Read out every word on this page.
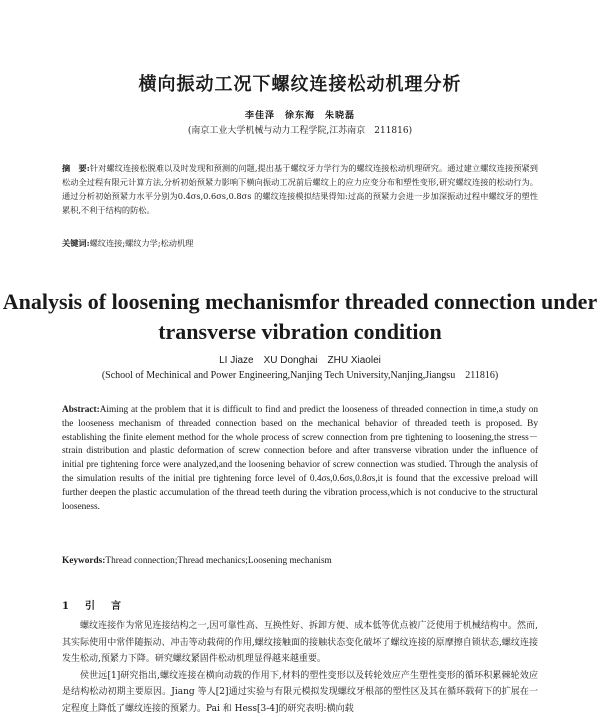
横向振动工况下螺纹连接松动机理分析
李佳泽　徐东海　朱晓磊
(南京工业大学机械与动力工程学院,江苏南京　211816)
摘　要:针对螺纹连接松脱难以及时发现和预测的问题,提出基于螺纹牙力学行为的螺纹连接松动机理研究。通过建立螺纹连接预紧到松动全过程有限元计算方法,分析初始预紧力影响下横向振动工况前后螺纹上的应力应变分布和塑性变形,研究螺纹连接的松动行为。通过分析初始预紧力水平分别为0.4σs,0.6σs,0.8σs 的螺纹连接模拟结果得知:过高的预紧力会进一步加深振动过程中螺纹牙的塑性累积,不利于结构的防松。
关键词:螺纹连接;螺纹力学;松动机理
Analysis of loosening mechanismfor threaded connection under transverse vibration condition
LI Jiaze　XU Donghai　ZHU Xiaolei
(School of Mechinical and Power Engineering,Nanjing Tech University,Nanjing,Jiangsu　211816)
Abstract:Aiming at the problem that it is difficult to find and predict the looseness of threaded connection in time,a study on the looseness mechanism of threaded connection based on the mechanical behavior of threaded teeth is proposed. By establishing the finite element method for the whole process of screw connection from pre tightening to loosening,the stress－strain distribution and plastic deformation of screw connection before and after transverse vibration under the influence of initial pre tightening force were analyzed,and the loosening behavior of screw connection was studied. Through the analysis of the simulation results of the initial pre tightening force level of 0.4σs,0.6σs,0.8σs,it is found that the excessive preload will further deepen the plastic accumulation of the thread teeth during the vibration process,which is not conducive to the structural looseness.
Keywords:Thread connection;Thread mechanics;Loosening mechanism
1　引　言
螺纹连接作为常见连接结构之一,因可靠性高、互换性好、拆卸方便、成本低等优点被广泛使用于机械结构中。然而,其实际使用中常伴随振动、冲击等动载荷的作用,螺纹接触面的接触状态变化破坏了螺纹连接的原摩擦自锁状态,螺纹连接发生松动,预紧力下降。研究螺纹紧固件松动机理显得越来越重要。
侯世远[1]研究指出,螺纹连接在横向动载的作用下,材料的塑性变形以及转轮效应产生塑性变形的循环积累棘轮效应是结构松动初期主要原因。Jiang 等人[2]通过实验与有限元模拟发现螺纹牙根部的塑性区及其在循环载荷下的扩展在一定程度上降低了螺纹连接的预紧力。Pai 和 Hess[3-4]的研究表明:横向载
